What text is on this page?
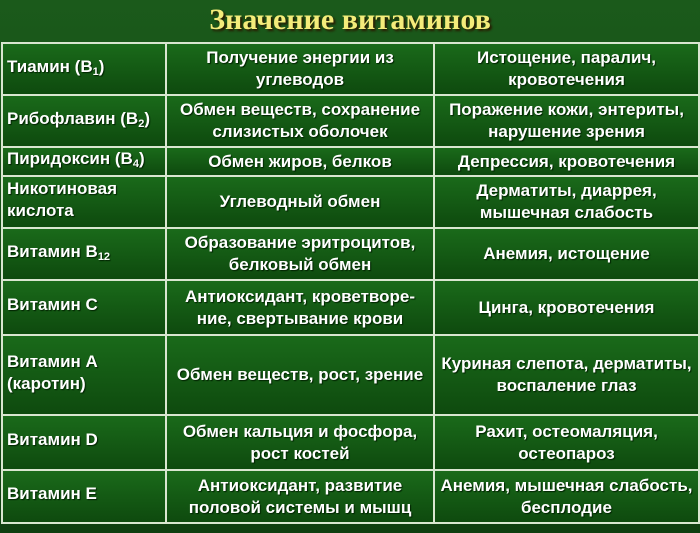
Значение витаминов
Тиамин $(B_1)$	Получение энергии из углеводов	Истощение, паралич, кровотечения
Рибофлавин $(B_2)$	Обмен веществ, сохранение слизистых оболочек	Поражение кожи, энтериты, нарушение зрения
Пиридоксин $(B_4)$	Обмен жиров, белков	Депрессия, кровотечения
Никотиновая кислота	Углеводный обмен	Дерматиты, диаррея, мышечная слабость
Витамин $B_{12}$	Образование эритроцитов, белковый обмен	Анемия, истощение
Витамин С	Антиоксидант, кроветворе-ние, свертывание крови	Цинга, кровотечения
Витамин А (каротин)	Обмен веществ, рост, зрение	Куриная слепота, дерматиты, воспаление глаз
Витамин D	Обмен кальция и фосфора, рост костей	Рахит, остеомаляция, остеопароз
Витамин Е	Антиоксидант, развитие половой системы и мышц	Анемия, мышечная слабость, бесплодие
